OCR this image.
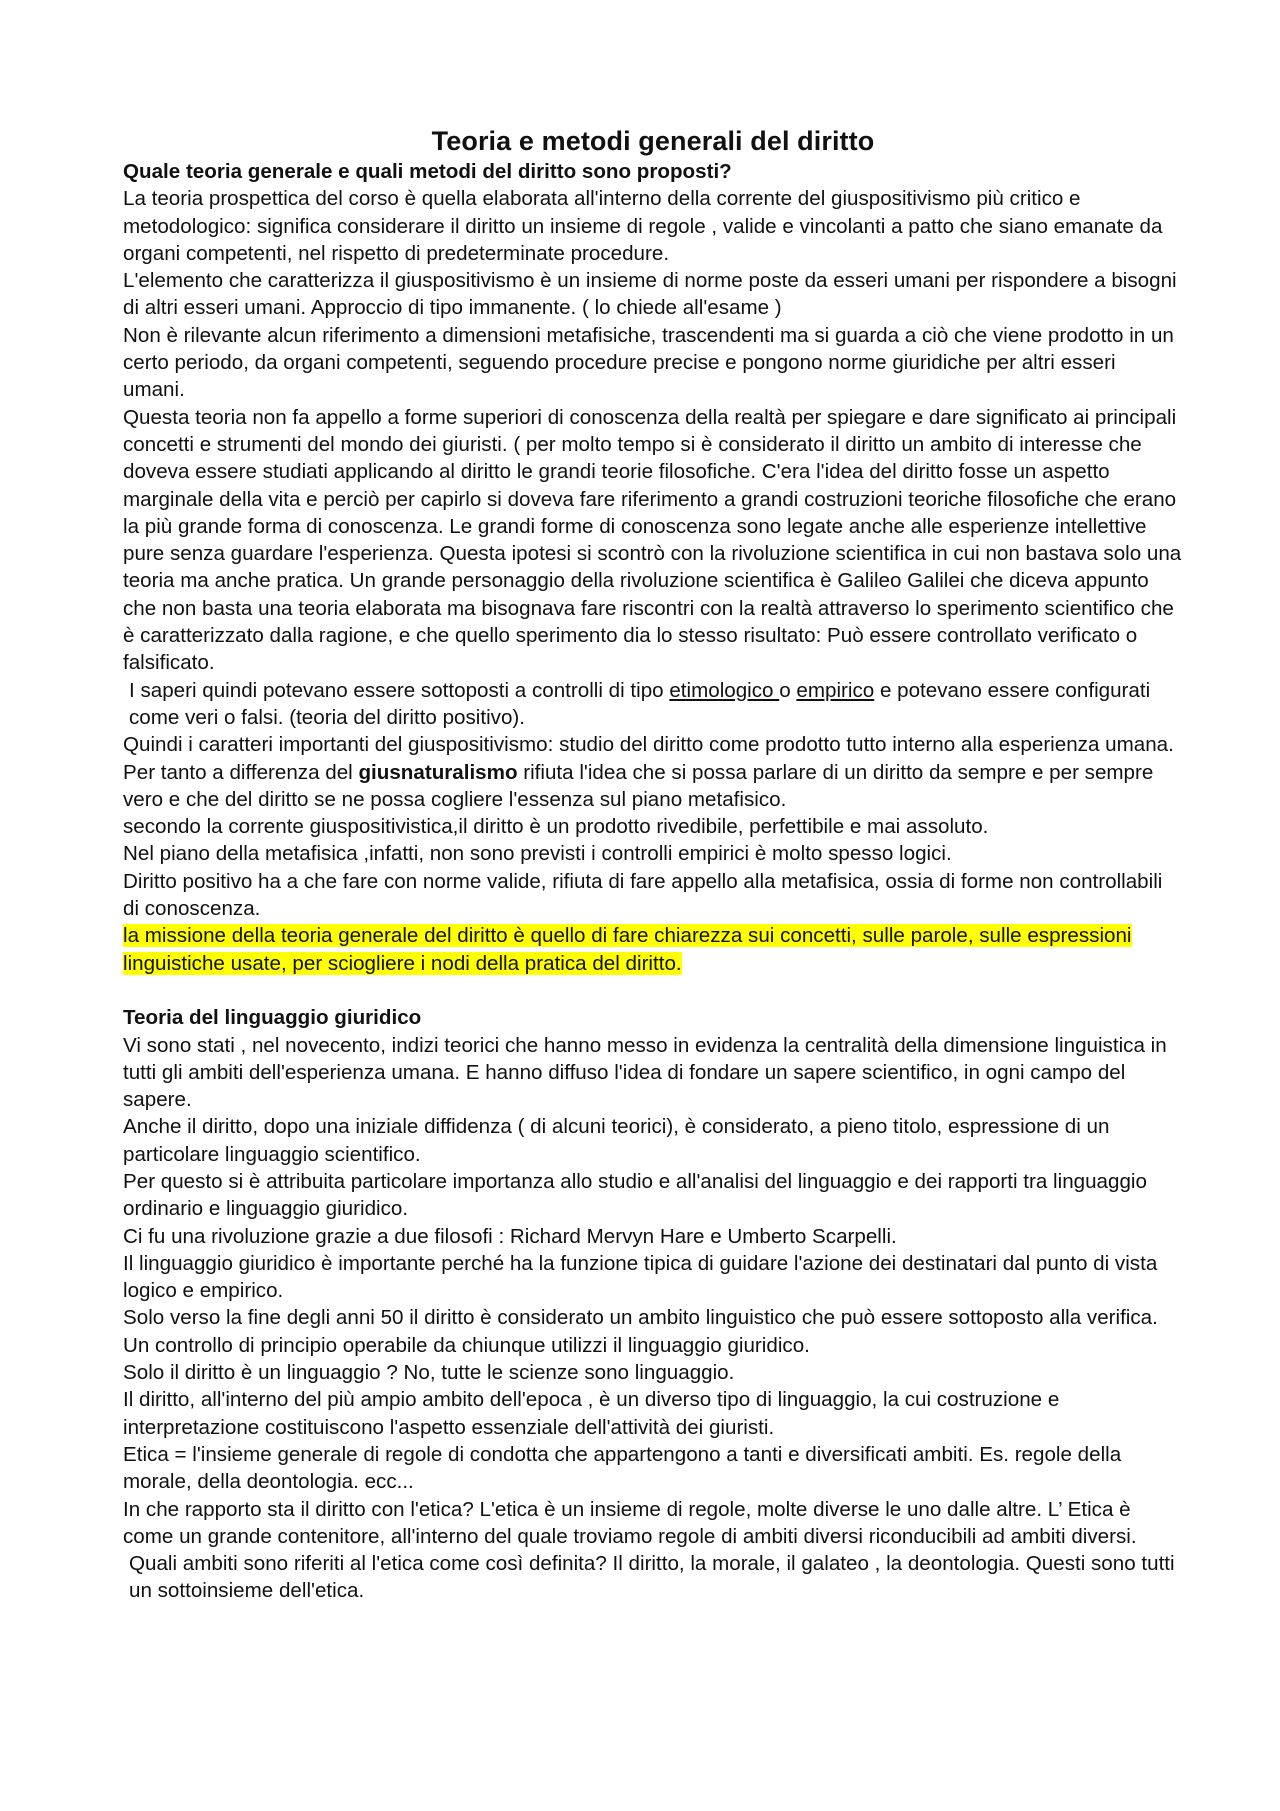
Teoria e metodi generali del diritto

Quale teoria generale e quali metodi del diritto sono proposti?

La teoria prospettica del corso è quella elaborata all'interno della corrente del giuspositivismo più critico e metodologico: significa considerare il diritto un insieme di regole , valide e vincolanti a patto che siano emanate da organi competenti, nel rispetto di predeterminate procedure.

L'elemento che caratterizza il giuspositivismo è un insieme di norme poste da esseri umani per rispondere a bisogni di altri esseri umani. Approccio di tipo immanente. ( lo chiede all'esame )

Non è rilevante alcun riferimento a dimensioni metafisiche, trascendenti ma si guarda a ciò che viene prodotto in un certo periodo, da organi competenti, seguendo procedure precise e pongono norme giuridiche per altri esseri umani.

Questa teoria non fa appello a forme superiori di conoscenza della realtà per spiegare e dare significato ai principali concetti e strumenti del mondo dei giuristi. ( per molto tempo si è considerato il diritto un ambito di interesse che doveva essere studiati applicando al diritto le grandi teorie filosofiche. C'era l'idea del diritto fosse un aspetto marginale della vita e perciò per capirlo si doveva fare riferimento a grandi costruzioni teoriche filosofiche che erano la più grande forma di conoscenza. Le grandi forme di conoscenza sono legate anche alle esperienze intellettive pure senza guardare l'esperienza. Questa ipotesi si scontrò con la rivoluzione scientifica in cui non bastava solo una teoria ma anche pratica. Un grande personaggio della rivoluzione scientifica è Galileo Galilei che diceva appunto che non basta una teoria elaborata ma bisognava fare riscontri con la realtà attraverso lo sperimento scientifico che è caratterizzato dalla ragione, e che quello sperimento dia lo stesso risultato: Può essere controllato verificato o falsificato.

I saperi quindi potevano essere sottoposti a controlli di tipo etimologico o empirico e potevano essere configurati come veri o falsi. (teoria del diritto positivo).

Quindi i caratteri importanti del giuspositivismo: studio del diritto come prodotto tutto interno alla esperienza umana. Per tanto a differenza del giusnaturalismo rifiuta l'idea che si possa parlare di un diritto da sempre e per sempre vero e che del diritto se ne possa cogliere l'essenza sul piano metafisico.

secondo la corrente giuspositivistica,il diritto è un prodotto rivedibile, perfettibile e mai assoluto.

Nel piano della metafisica ,infatti, non sono previsti i controlli empirici è molto spesso logici.

Diritto positivo ha a che fare con norme valide, rifiuta di fare appello alla metafisica, ossia di forme non controllabili di conoscenza.

la missione della teoria generale del diritto è quello di fare chiarezza sui concetti, sulle parole, sulle espressioni linguistiche usate, per sciogliere i nodi della pratica del diritto.

Teoria del linguaggio giuridico

Vi sono stati , nel novecento, indizi teorici che hanno messo in evidenza la centralità della dimensione linguistica in tutti gli ambiti dell'esperienza umana. E hanno diffuso l'idea di fondare un sapere scientifico, in ogni campo del sapere.

Anche il diritto, dopo una iniziale diffidenza ( di alcuni teorici), è considerato, a pieno titolo, espressione di un particolare linguaggio scientifico.

Per questo si è attribuita particolare importanza allo studio e all'analisi del linguaggio e dei rapporti tra linguaggio ordinario e linguaggio giuridico.

Ci fu una rivoluzione grazie a due filosofi : Richard Mervyn Hare e Umberto Scarpelli.

Il linguaggio giuridico è importante perché ha la funzione tipica di guidare l'azione dei destinatari dal punto di vista logico e empirico.

Solo verso la fine degli anni 50 il diritto è considerato un ambito linguistico che può essere sottoposto alla verifica. Un controllo di principio operabile da chiunque utilizzi il linguaggio giuridico.

Solo il diritto è un linguaggio ? No, tutte le scienze sono linguaggio.

Il diritto, all'interno del più ampio ambito dell'epoca , è un diverso tipo di linguaggio, la cui costruzione e interpretazione costituiscono l'aspetto essenziale dell'attività dei giuristi.

Etica = l'insieme generale di regole di condotta che appartengono a tanti e diversificati ambiti. Es. regole della morale, della deontologia. ecc...

In che rapporto sta il diritto con l'etica? L'etica è un insieme di regole, molte diverse le uno dalle altre. L’ Etica è come un grande contenitore, all'interno del quale troviamo regole di ambiti diversi riconducibili ad ambiti diversi.

Quali ambiti sono riferiti al l'etica come così definita? Il diritto, la morale, il galateo , la deontologia. Questi sono tutti un sottoinsieme dell'etica.
